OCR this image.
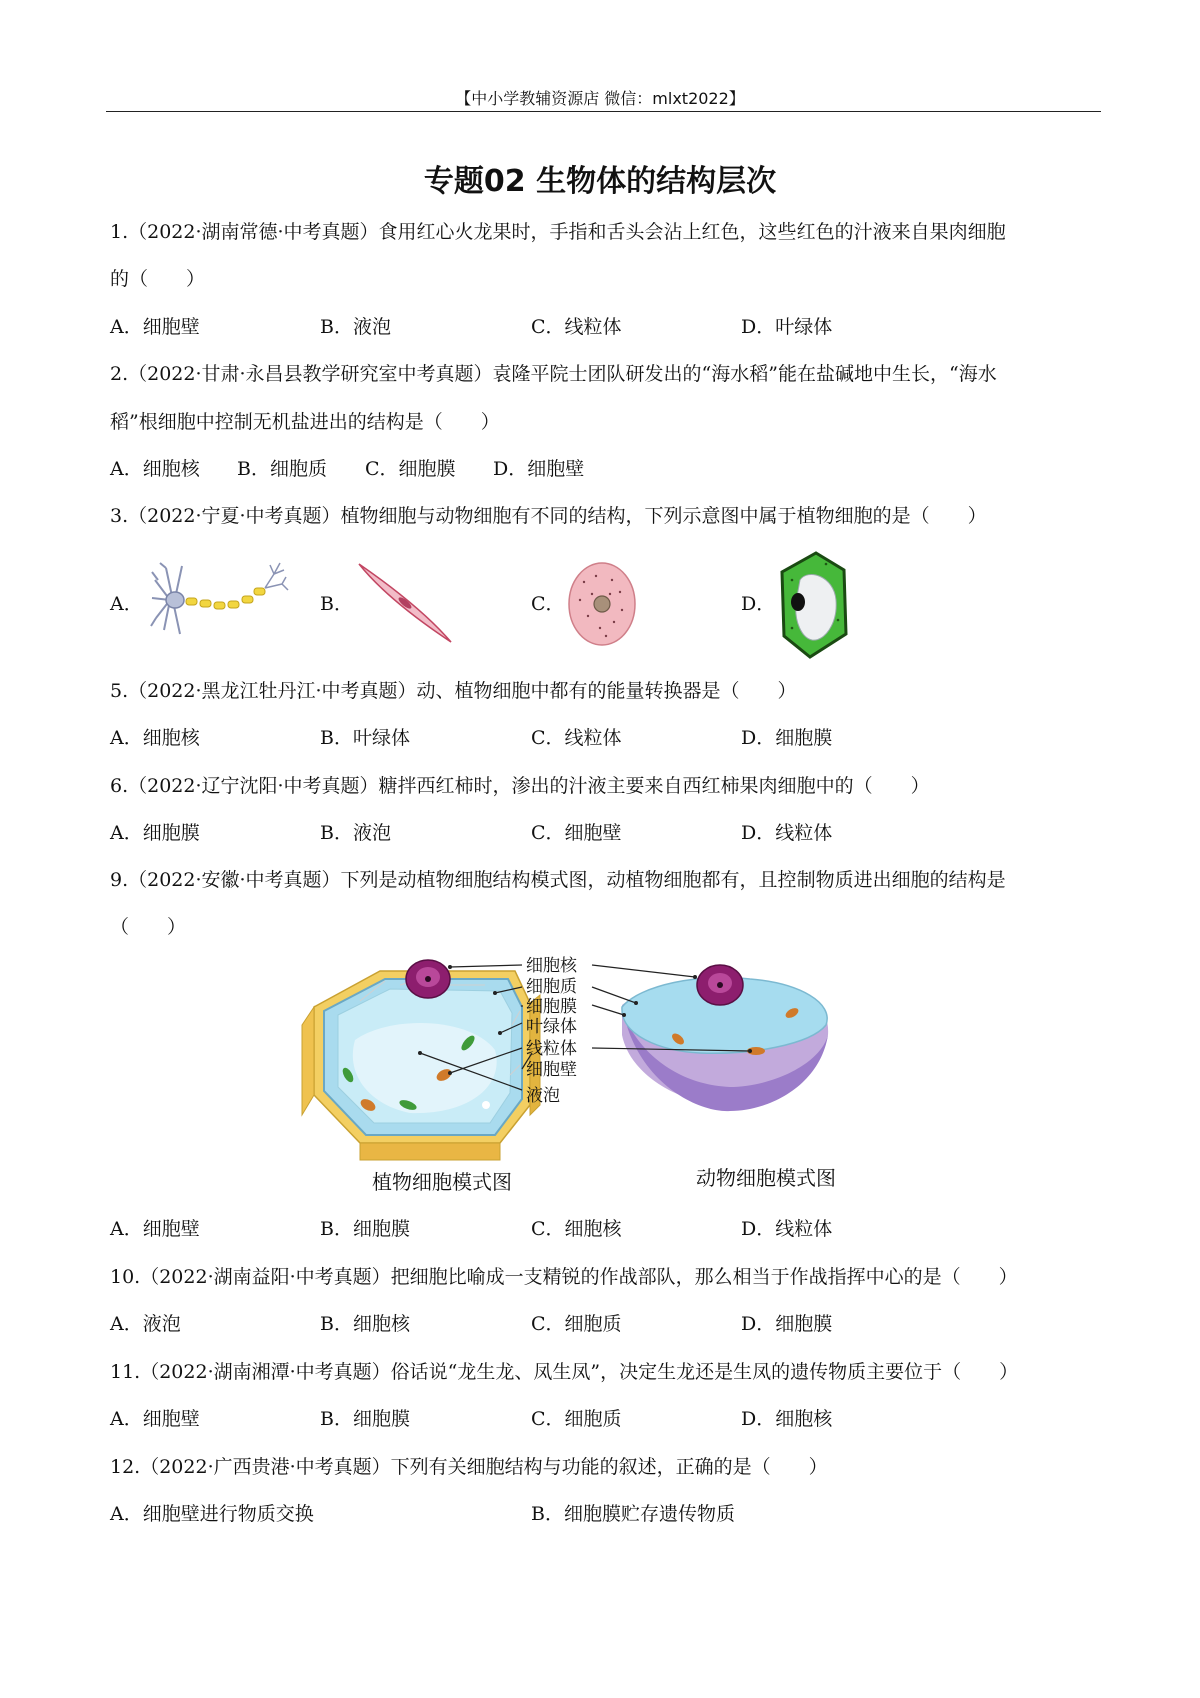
【中小学教辅资源店 微信：mlxt2022】
专题02 生物体的结构层次
1.（2022·湖南常德·中考真题）食用红心火龙果时，手指和舌头会沾上红色，这些红色的汁液来自果肉细胞
的（　　）
A．细胞壁	B．液泡	C．线粒体	D．叶绿体
2.（2022·甘肃·永昌县教学研究室中考真题）袁隆平院士团队研发出的“海水稻”能在盐碱地中生长，“海水
稻”根细胞中控制无机盐进出的结构是（　　）
A．细胞核 B．细胞质 C．细胞膜 D．细胞壁
3.（2022·宁夏·中考真题）植物细胞与动物细胞有不同的结构，下列示意图中属于植物细胞的是（　　）
A．	B．	C．	D．
5.（2022·黑龙江牡丹江·中考真题）动、植物细胞中都有的能量转换器是（　　）
A．细胞核	B．叶绿体	C．线粒体	D．细胞膜
6.（2022·辽宁沈阳·中考真题）糖拌西红柿时，渗出的汁液主要来自西红柿果肉细胞中的（　　）
A．细胞膜	B．液泡	C．细胞壁	D．线粒体
9.（2022·安徽·中考真题）下列是动植物细胞结构模式图，动植物细胞都有，且控制物质进出细胞的结构是
（　　）
细胞核
细胞质
细胞膜
叶绿体
线粒体
细胞壁
液泡
植物细胞模式图	动物细胞模式图
A．细胞壁	B．细胞膜	C．细胞核	D．线粒体
10.（2022·湖南益阳·中考真题）把细胞比喻成一支精锐的作战部队，那么相当于作战指挥中心的是（　　）
A．液泡	B．细胞核	C．细胞质	D．细胞膜
11.（2022·湖南湘潭·中考真题）俗话说“龙生龙、凤生凤”，决定生龙还是生凤的遗传物质主要位于（　　）
A．细胞壁	B．细胞膜	C．细胞质	D．细胞核
12.（2022·广西贵港·中考真题）下列有关细胞结构与功能的叙述，正确的是（　　）
A．细胞壁进行物质交换	B．细胞膜贮存遗传物质
